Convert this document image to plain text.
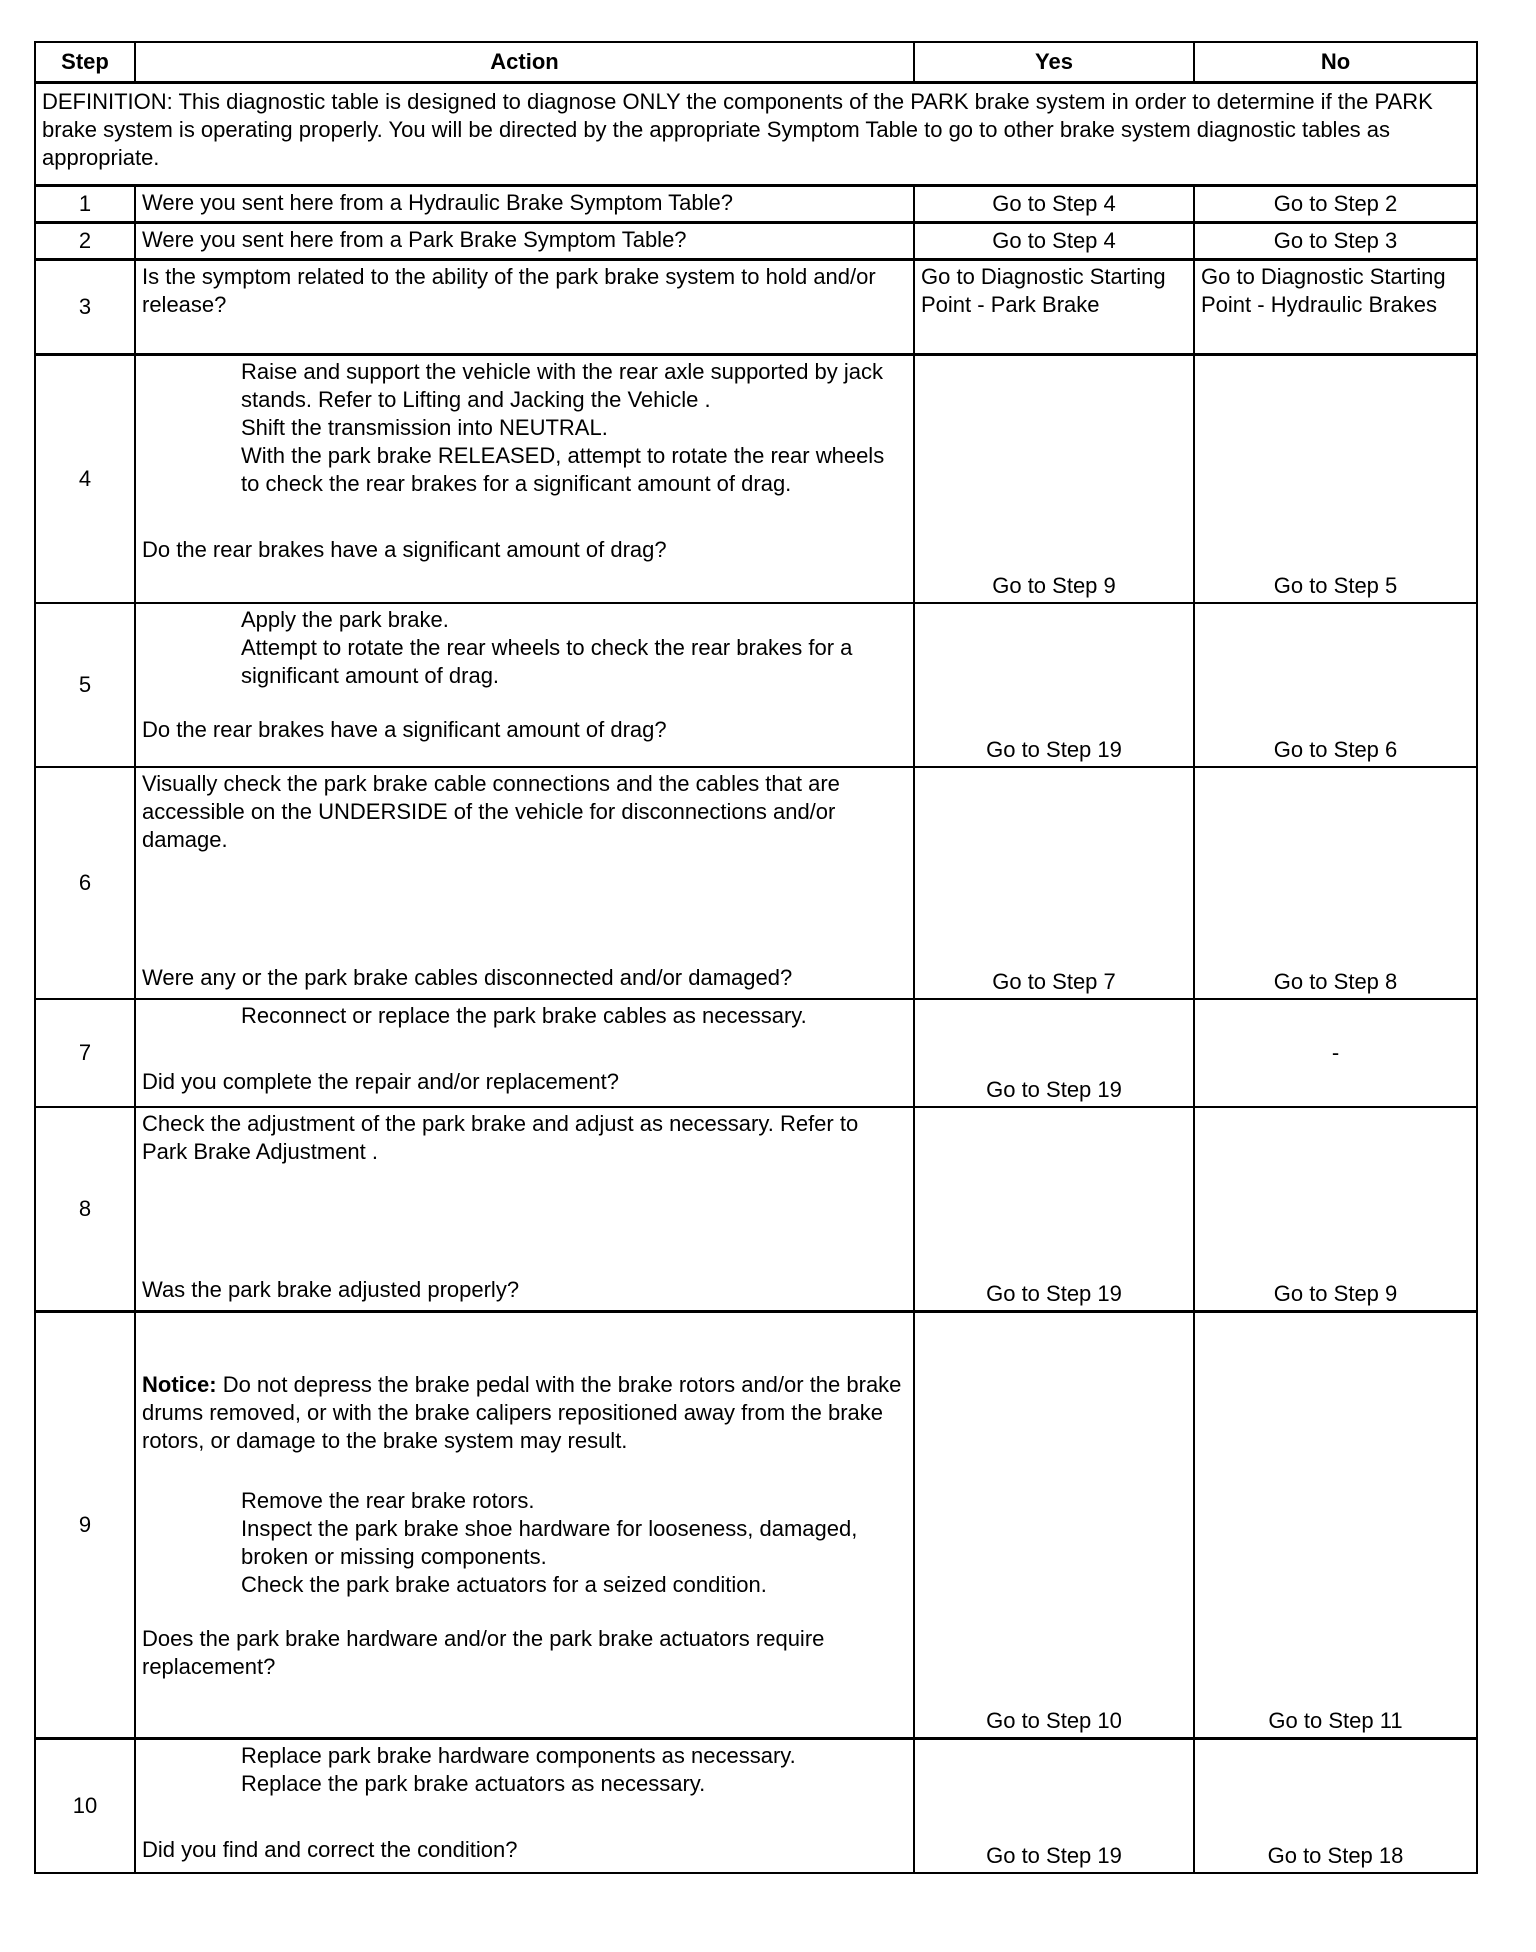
Step	Action	Yes	No
DEFINITION: This diagnostic table is designed to diagnose ONLY the components of the PARK brake system in order to determine if the PARK brake system is operating properly. You will be directed by the appropriate Symptom Table to go to other brake system diagnostic tables as appropriate.			
1	Were you sent here from a Hydraulic Brake Symptom Table?	Go to Step 4	Go to Step 2
2	Were you sent here from a Park Brake Symptom Table?	Go to Step 4	Go to Step 3
3	Is the symptom related to the ability of the park brake system to hold and/or release?	Go to Diagnostic Starting Point - Park Brake	Go to Diagnostic Starting Point - Hydraulic Brakes
4	Raise and support the vehicle with the rear axle supported by jack stands. Refer to Lifting and Jacking the Vehicle .
Shift the transmission into NEUTRAL.
With the park brake RELEASED, attempt to rotate the rear wheels to check the rear brakes for a significant amount of drag.
Do the rear brakes have a significant amount of drag?	Go to Step 9	Go to Step 5
5	Apply the park brake.
Attempt to rotate the rear wheels to check the rear brakes for a significant amount of drag.
Do the rear brakes have a significant amount of drag?	Go to Step 19	Go to Step 6
6	Visually check the park brake cable connections and the cables that are accessible on the UNDERSIDE of the vehicle for disconnections and/or damage.
Were any or the park brake cables disconnected and/or damaged?	Go to Step 7	Go to Step 8
7	Reconnect or replace the park brake cables as necessary.
Did you complete the repair and/or replacement?	Go to Step 19	-
8	Check the adjustment of the park brake and adjust as necessary. Refer to Park Brake Adjustment .
Was the park brake adjusted properly?	Go to Step 19	Go to Step 9
9	Notice: Do not depress the brake pedal with the brake rotors and/or the brake drums removed, or with the brake calipers repositioned away from the brake rotors, or damage to the brake system may result.
Remove the rear brake rotors.
Inspect the park brake shoe hardware for looseness, damaged, broken or missing components.
Check the park brake actuators for a seized condition.
Does the park brake hardware and/or the park brake actuators require replacement?	Go to Step 10	Go to Step 11
10	Replace park brake hardware components as necessary.
Replace the park brake actuators as necessary.
Did you find and correct the condition?	Go to Step 19	Go to Step 18
